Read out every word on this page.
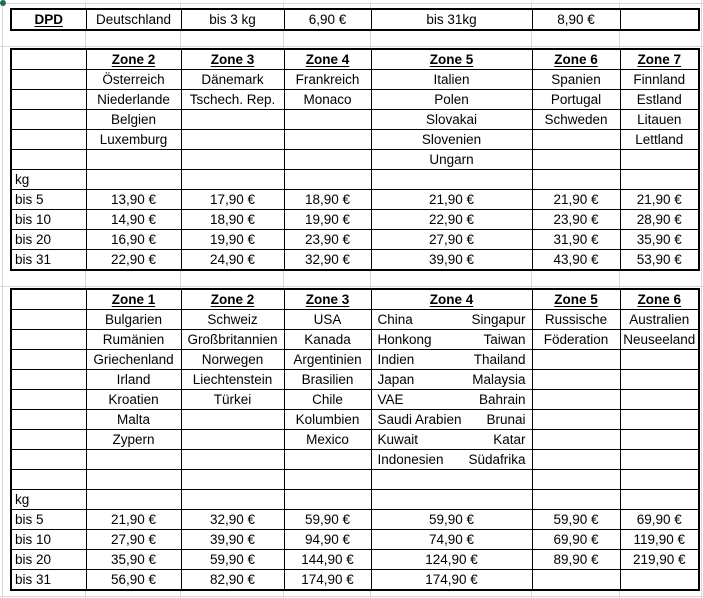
DPD	Deutschland	bis 3 kg	6,90 €	bis 31kg	8,90 €	
	Zone 2	Zone 3	Zone 4	Zone 5	Zone 6	Zone 7
	Österreich	Dänemark	Frankreich	Italien	Spanien	Finnland
	Niederlande	Tschech. Rep.	Monaco	Polen	Portugal	Estland
	Belgien			Slovakai	Schweden	Litauen
	Luxemburg			Slovenien		Lettland
				Ungarn		
kg						
bis 5	13,90 €	17,90 €	18,90 €	21,90 €	21,90 €	21,90 €
bis 10	14,90 €	18,90 €	19,90 €	22,90 €	23,90 €	28,90 €
bis 20	16,90 €	19,90 €	23,90 €	27,90 €	31,90 €	35,90 €
bis 31	22,90 €	24,90 €	32,90 €	39,90 €	43,90 €	53,90 €
	Zone 1	Zone 2	Zone 3	Zone 4	Zone 5	Zone 6
	Bulgarien	Schweiz	USA	China Singapur	Russische	Australien
	Rumänien	Großbritannien	Kanada	Honkong Taiwan	Föderation	Neuseeland
	Griechenland	Norwegen	Argentinien	Indien Thailand		

	Irland	Liechtenstein	Brasilien	Japan Malaysia		

	Kroatien	Türkei	Chile	VAE Bahrain		

	Malta		Kolumbien	Saudi Arabien Brunai		

	Zypern		Mexico	Kuwait Katar		

				Indonesien Südafrika		

kg						
bis 5	21,90 €	32,90 €	59,90 €	59,90 €	59,90 €	69,90 €
bis 10	27,90 €	39,90 €	94,90 €	74,90 €	69,90 €	119,90 €
bis 20	35,90 €	59,90 €	144,90 €	124,90 €	89,90 €	219,90 €
bis 31	56,90 €	82,90 €	174,90 €	174,90 €		
